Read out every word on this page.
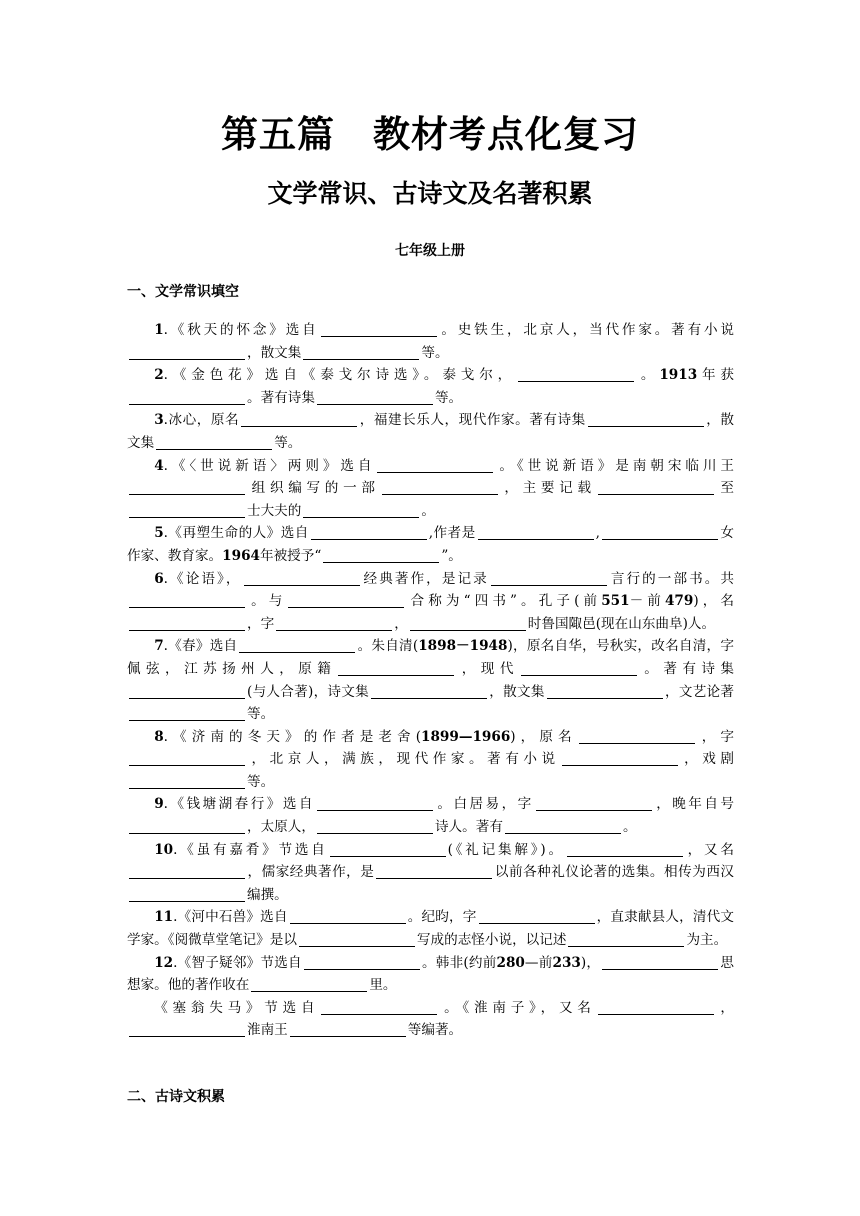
第五篇　教材考点化复习
文学常识、古诗文及名著积累
七年级上册
一、文学常识填空

1.《秋天的怀念》选自	。史铁生，北京人，当代作家。著有小说，散文集	等。

2.《金色花》选自《泰戈尔诗选》。泰戈尔，	。1913年获。著有诗集	等。

3.冰心，原名	，福建长乐人，现代作家。著有诗集	，散文集	等。

4.《〈世说新语〉两则》选自	。《世说新语》是南朝宋临川王组织编写的一部	，主要记载	至士大夫的	。

5.《再塑生命的人》选自	,作者是	,	女作家、教育家。1964年被授予“	”。

6.《论语》，	经典著作，是记录	言行的一部书。共。与	合称为“四书”。孔子(前551－前479)，名，字	，	时鲁国陬邑(现在山东曲阜)人。

7.《春》选自	。朱自清(1898－1948)，原名自华，号秋实，改名自清，字佩弦，江苏扬州人，原籍	，现代	。著有诗集(与人合著)，诗文集	，散文集	，文艺论著等。

8.《济南的冬天》的作者是老舍(1899—1966)，原名	，字，北京人，满族，现代作家。著有小说	，戏剧等。

9.《钱塘湖春行》选自	。白居易，字	，晚年自号，太原人，	诗人。著有	。

10.《虽有嘉肴》节选自	(《礼记集解》)。	，又名，儒家经典著作，是	以前各种礼仪论著的选集。相传为西汉编撰。

11.《河中石兽》选自	。纪昀，字	，直隶献县人，清代文学家。《阅微草堂笔记》是以	写成的志怪小说，以记述	为主。

12.《智子疑邻》节选自	。韩非(约前280—前233)，	思想家。他的著作收在	里。

《塞翁失马》节选自	。《淮南子》，又名	，淮南王	等编著。

二、古诗文积累
